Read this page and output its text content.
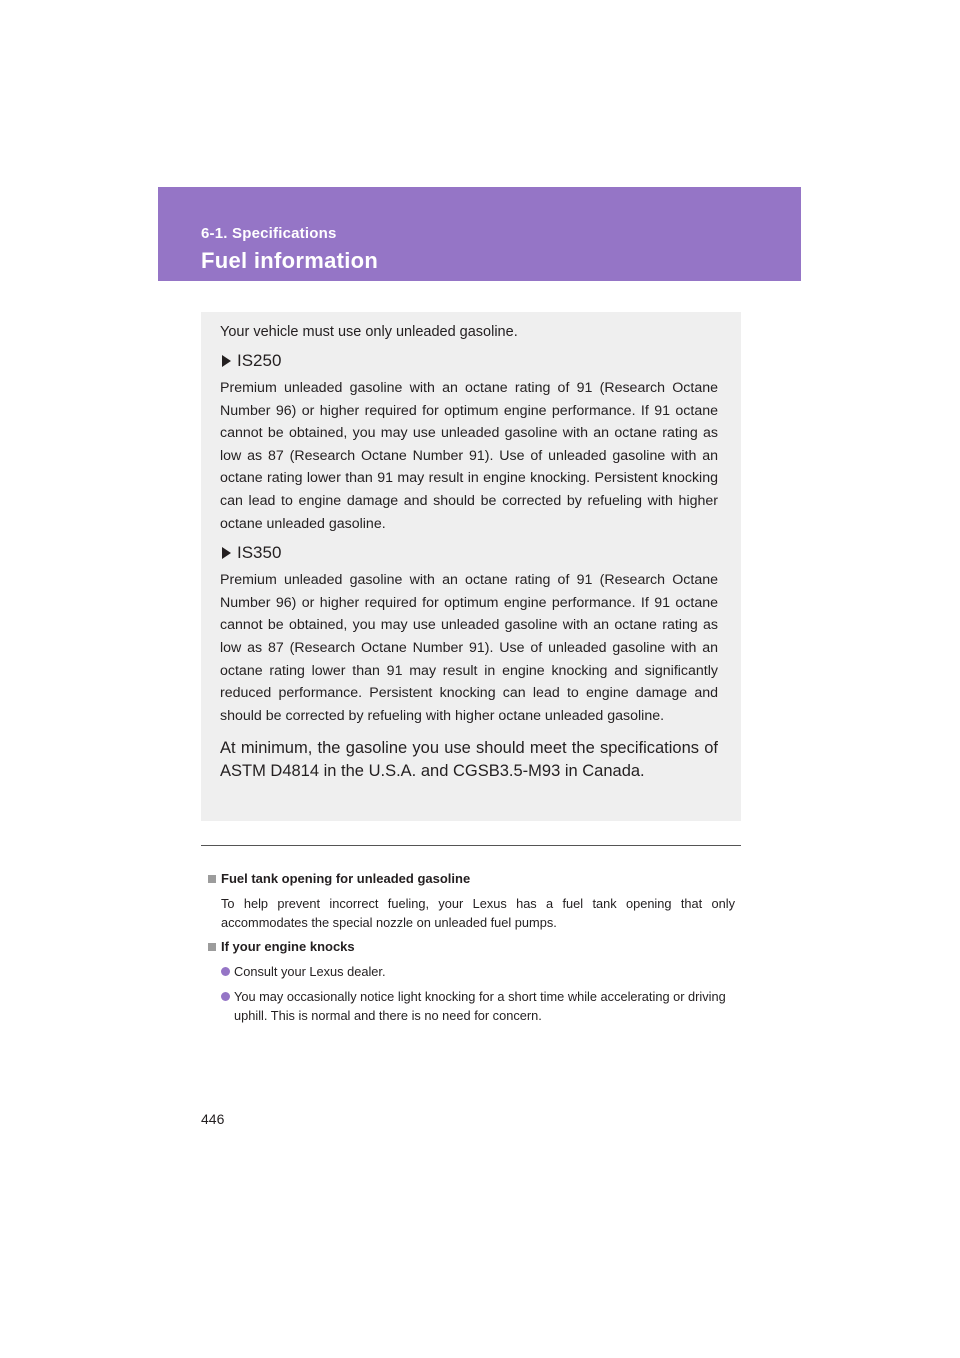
6-1. Specifications
Fuel information

Your vehicle must use only unleaded gasoline.

IS250

Premium unleaded gasoline with an octane rating of 91 (Research Octane Number 96) or higher required for optimum engine performance. If 91 octane cannot be obtained, you may use unleaded gasoline with an octane rating as low as 87 (Research Octane Number 91). Use of unleaded gasoline with an octane rating lower than 91 may result in engine knocking. Persistent knocking can lead to engine damage and should be corrected by refueling with higher octane unleaded gasoline.

IS350

Premium unleaded gasoline with an octane rating of 91 (Research Octane Number 96) or higher required for optimum engine performance. If 91 octane cannot be obtained, you may use unleaded gasoline with an octane rating as low as 87 (Research Octane Number 91). Use of unleaded gasoline with an octane rating lower than 91 may result in engine knocking and significantly reduced performance. Persistent knocking can lead to engine damage and should be corrected by refueling with higher octane unleaded gasoline.

At minimum, the gasoline you use should meet the specifications of ASTM D4814 in the U.S.A. and CGSB3.5-M93 in Canada.

Fuel tank opening for unleaded gasoline

To help prevent incorrect fueling, your Lexus has a fuel tank opening that only accommodates the special nozzle on unleaded fuel pumps.

If your engine knocks
Consult your Lexus dealer.
You may occasionally notice light knocking for a short time while accelerating or driving uphill. This is normal and there is no need for concern.
446
